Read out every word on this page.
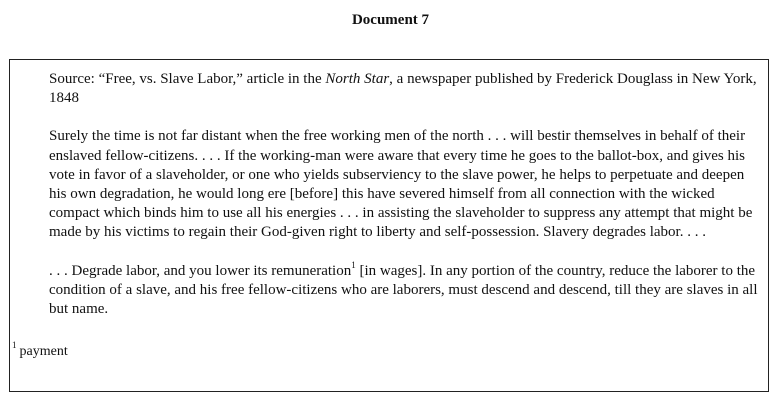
Document 7

Source: “Free, vs. Slave Labor,” article in the North Star, a newspaper published by Frederick Douglass in New York, 1848

Surely the time is not far distant when the free working men of the north . . . will bestir themselves in behalf of their enslaved fellow-citizens. . . . If the working-man were aware that every time he goes to the ballot-box, and gives his vote in favor of a slaveholder, or one who yields subserviency to the slave power, he helps to perpetuate and deepen his own degradation, he would long ere [before] this have severed himself from all connection with the wicked compact which binds him to use all his energies . . . in assisting the slaveholder to suppress any attempt that might be made by his victims to regain their God-given right to liberty and self-possession. Slavery degrades labor. . . .

. . . Degrade labor, and you lower its remuneration$^1$ [in wages]. In any portion of the country, reduce the laborer to the condition of a slave, and his free fellow-citizens who are laborers, must descend and descend, till they are slaves in all but name.

$^1$ payment
